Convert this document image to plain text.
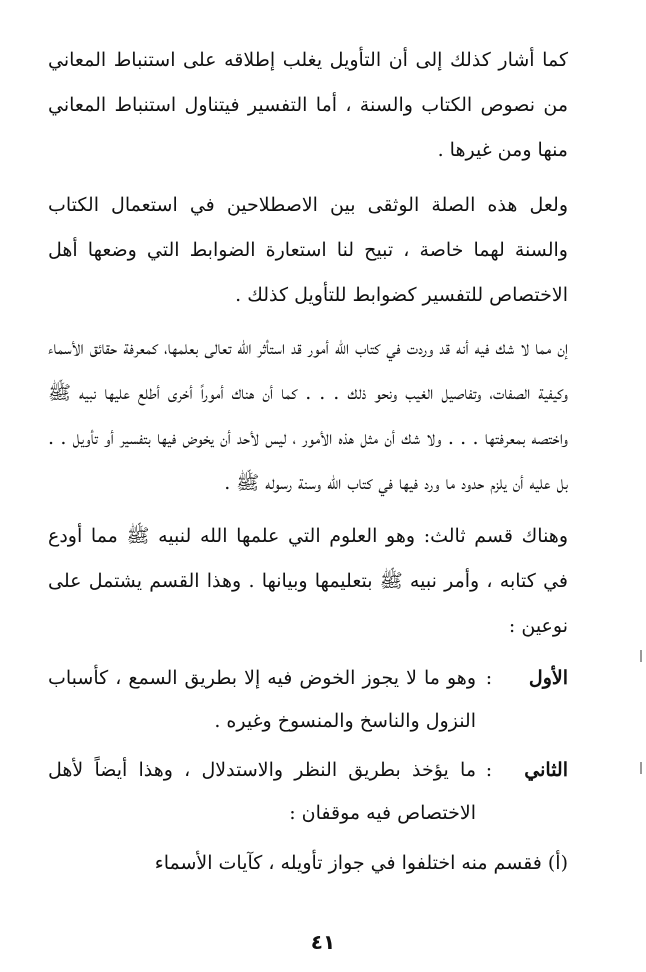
كما أشار كذلك إلى أن التأويل يغلب إطلاقه على استنباط المعاني من نصوص الكتاب والسنة ، أما التفسير فيتناول استنباط المعاني منها ومن غيرها .

ولعل هذه الصلة الوثقى بين الاصطلاحين في استعمال الكتاب والسنة لهما خاصة ، تبيح لنا استعارة الضوابط التي وضعها أهل الاختصاص للتفسير كضوابط للتأويل كذلك .

إن مما لا شك فيه أنه قد وردت في كتاب الله أمور قد استأثر الله تعالى بعلمها، كمعرفة حقائق الأسماء وكيفية الصفات، وتفاصيل الغيب ونحو ذلك . . . كما أن هناك أموراً أخرى أطلع عليها نبيه ﷺ واختصه بمعرفتها . . . ولا شك أن مثل هذه الأمور ، ليس لأحد أن يخوض فيها بتفسير أو تأويل . . بل عليه أن يلزم حدود ما ورد فيها في كتاب الله وسنة رسوله ﷺ .

وهناك قسم ثالث: وهو العلوم التي علمها الله لنبيه ﷺ مما أودع في كتابه ، وأمر نبيه ﷺ بتعليمها وبيانها . وهذا القسم يشتمل على نوعين :

الأول
:
وهو ما لا يجوز الخوض فيه إلا بطريق السمع ، كأسباب النزول والناسخ والمنسوخ وغيره .
الثاني
:
ما يؤخذ بطريق النظر والاستدلال ، وهذا أيضاً لأهل الاختصاص فيه موقفان :
(أ) فقسم منه اختلفوا في جواز تأويله ، كآيات الأسماء
٤١
